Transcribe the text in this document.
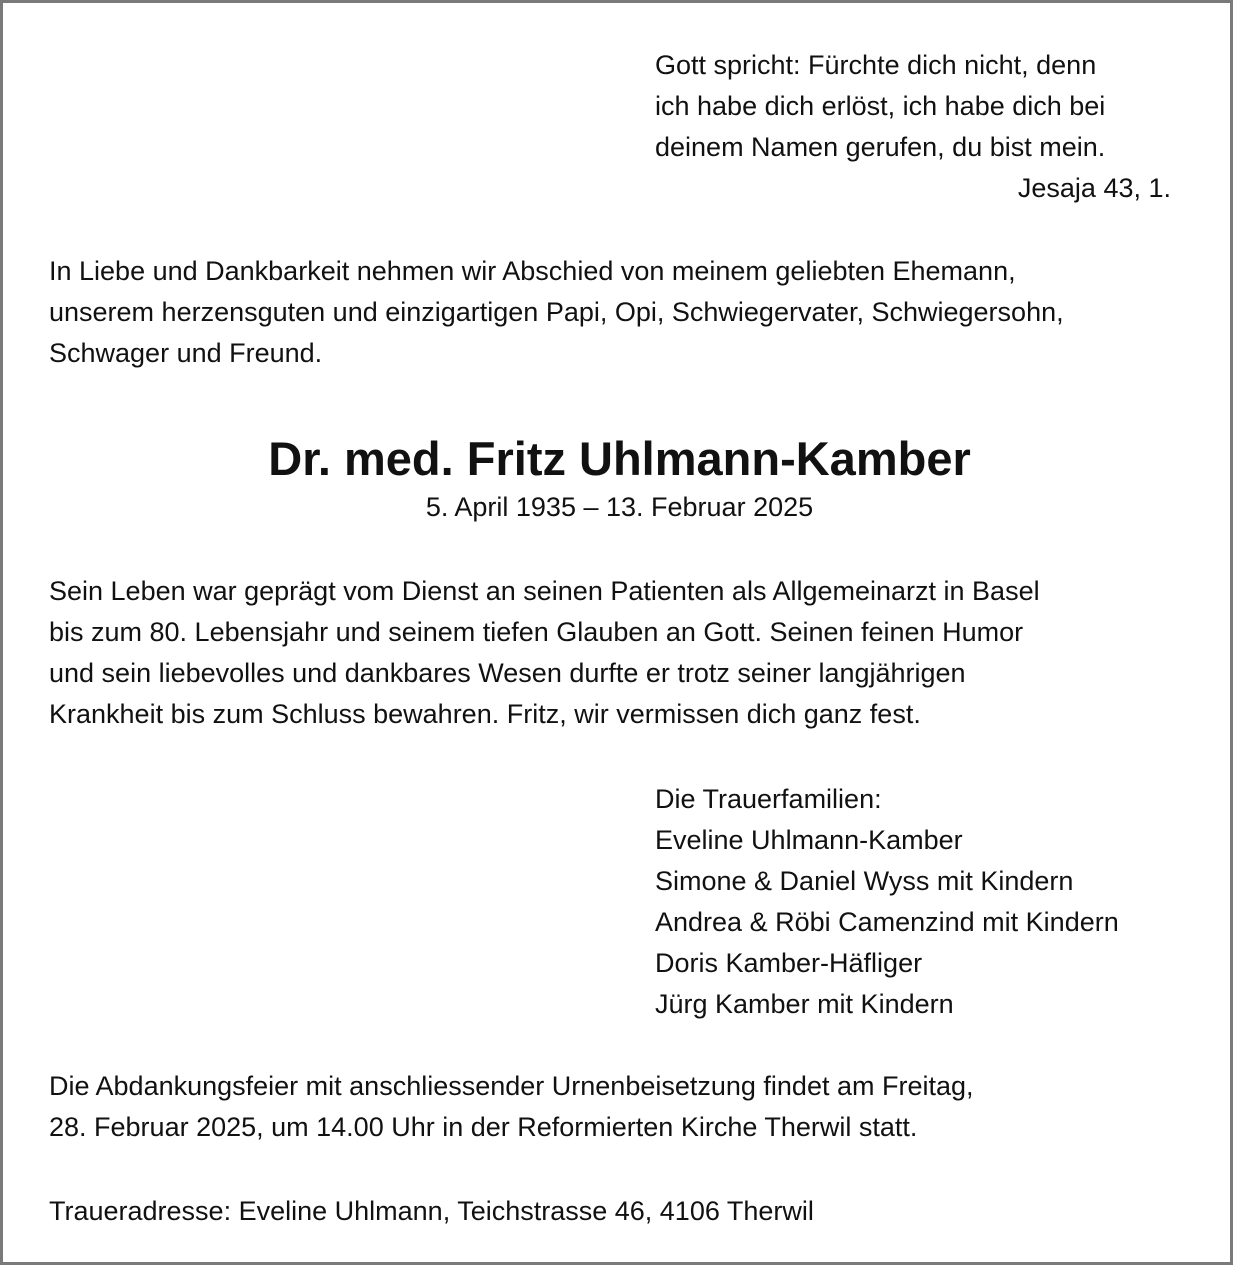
Gott spricht: Fürchte dich nicht, denn
ich habe dich erlöst, ich habe dich bei
deinem Namen gerufen, du bist mein.
Jesaja 43, 1.
In Liebe und Dankbarkeit nehmen wir Abschied von meinem geliebten Ehemann,
unserem herzensguten und einzigartigen Papi, Opi, Schwiegervater, Schwiegersohn,
Schwager und Freund.
Dr. med. Fritz Uhlmann-Kamber
5. April 1935 – 13. Februar 2025
Sein Leben war geprägt vom Dienst an seinen Patienten als Allgemeinarzt in Basel
bis zum 80. Lebensjahr und seinem tiefen Glauben an Gott. Seinen feinen Humor
und sein liebevolles und dankbares Wesen durfte er trotz seiner langjährigen
Krankheit bis zum Schluss bewahren. Fritz, wir vermissen dich ganz fest.
Die Trauerfamilien:
Eveline Uhlmann-Kamber
Simone & Daniel Wyss mit Kindern
Andrea & Röbi Camenzind mit Kindern
Doris Kamber-Häfliger
Jürg Kamber mit Kindern
Die Abdankungsfeier mit anschliessender Urnenbeisetzung findet am Freitag,
28. Februar 2025, um 14.00 Uhr in der Reformierten Kirche Therwil statt.
Traueradresse: Eveline Uhlmann, Teichstrasse 46, 4106 Therwil
